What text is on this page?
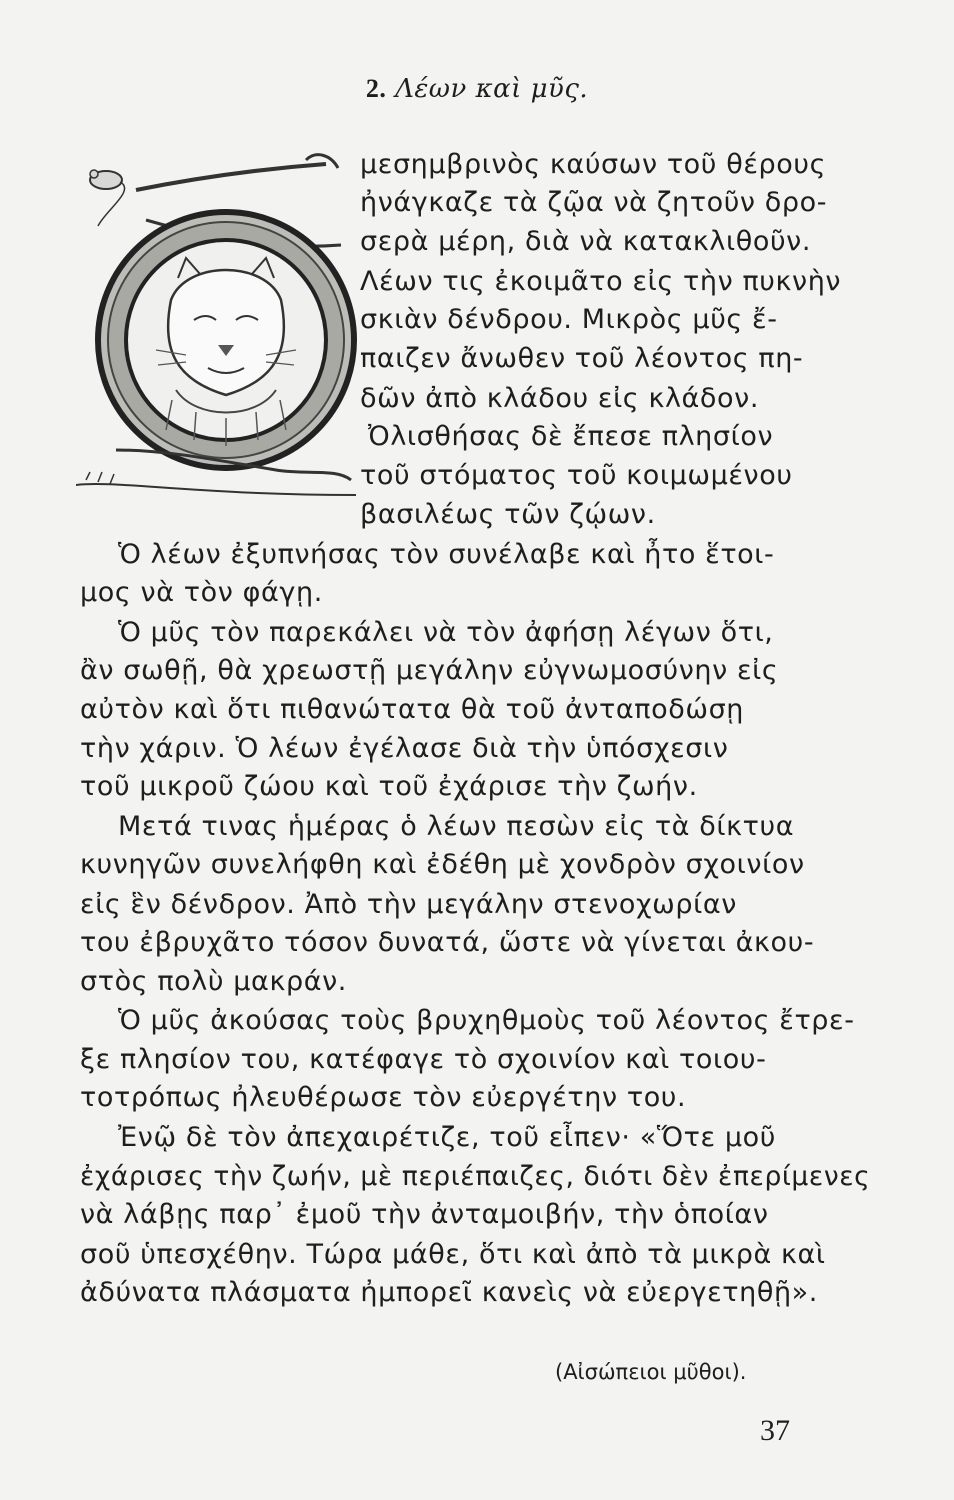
2. Λέων καὶ μῦς.
μεσημβρινὸς καύσων τοῦ θέρους
ἠνάγκαζε τὰ ζῷα νὰ ζητοῦν δρο-
σερὰ μέρη, διὰ νὰ κατακλιθοῦν.
Λέων τις ἐκοιμᾶτο εἰς τὴν πυκνὴν
σκιὰν δένδρου. Μικρὸς μῦς ἔ-
παιζεν ἄνωθεν τοῦ λέοντος πη-
δῶν ἀπὸ κλάδου εἰς κλάδον.
Ὀλισθήσας δὲ ἔπεσε πλησίον
τοῦ στόματος τοῦ κοιμωμένου
βασιλέως τῶν ζῴων.
Ὁ λέων ἐξυπνήσας τὸν συνέλαβε καὶ ἦτο ἕτοι-
μος νὰ τὸν φάγῃ.
Ὁ μῦς τὸν παρεκάλει νὰ τὸν ἀφήσῃ λέγων ὅτι,
ἂν σωθῇ, θὰ χρεωστῇ μεγάλην εὐγνωμοσύνην εἰς
αὐτὸν καὶ ὅτι πιθανώτατα θὰ τοῦ ἀνταποδώσῃ
τὴν χάριν. Ὁ λέων ἐγέλασε διὰ τὴν ὑπόσχεσιν
τοῦ μικροῦ ζώου καὶ τοῦ ἐχάρισε τὴν ζωήν.
Μετά τινας ἡμέρας ὁ λέων πεσὼν εἰς τὰ δίκτυα
κυνηγῶν συνελήφθη καὶ ἐδέθη μὲ χονδρὸν σχοινίον
εἰς ἓν δένδρον. Ἀπὸ τὴν μεγάλην στενοχωρίαν
του ἐβρυχᾶτο τόσον δυνατά, ὥστε νὰ γίνεται ἀκου-
στὸς πολὺ μακράν.
Ὁ μῦς ἀκούσας τοὺς βρυχηθμοὺς τοῦ λέοντος ἔτρε-
ξε πλησίον του, κατέφαγε τὸ σχοινίον καὶ τοιου-
τοτρόπως ἠλευθέρωσε τὸν εὐεργέτην του.
Ἐνῷ δὲ τὸν ἀπεχαιρέτιζε, τοῦ εἶπεν· «Ὅτε μοῦ
ἐχάρισες τὴν ζωήν, μὲ περιέπαιζες, διότι δὲν ἐπερίμενες
νὰ λάβῃς παρ᾽ ἐμοῦ τὴν ἀνταμοιβήν, τὴν ὁποίαν
σοῦ ὑπεσχέθην. Τώρα μάθε, ὅτι καὶ ἀπὸ τὰ μικρὰ καὶ
ἀδύνατα πλάσματα ἠμπορεῖ κανεὶς νὰ εὐεργετηθῇ».
(Αἰσώπειοι μῦθοι).
37
